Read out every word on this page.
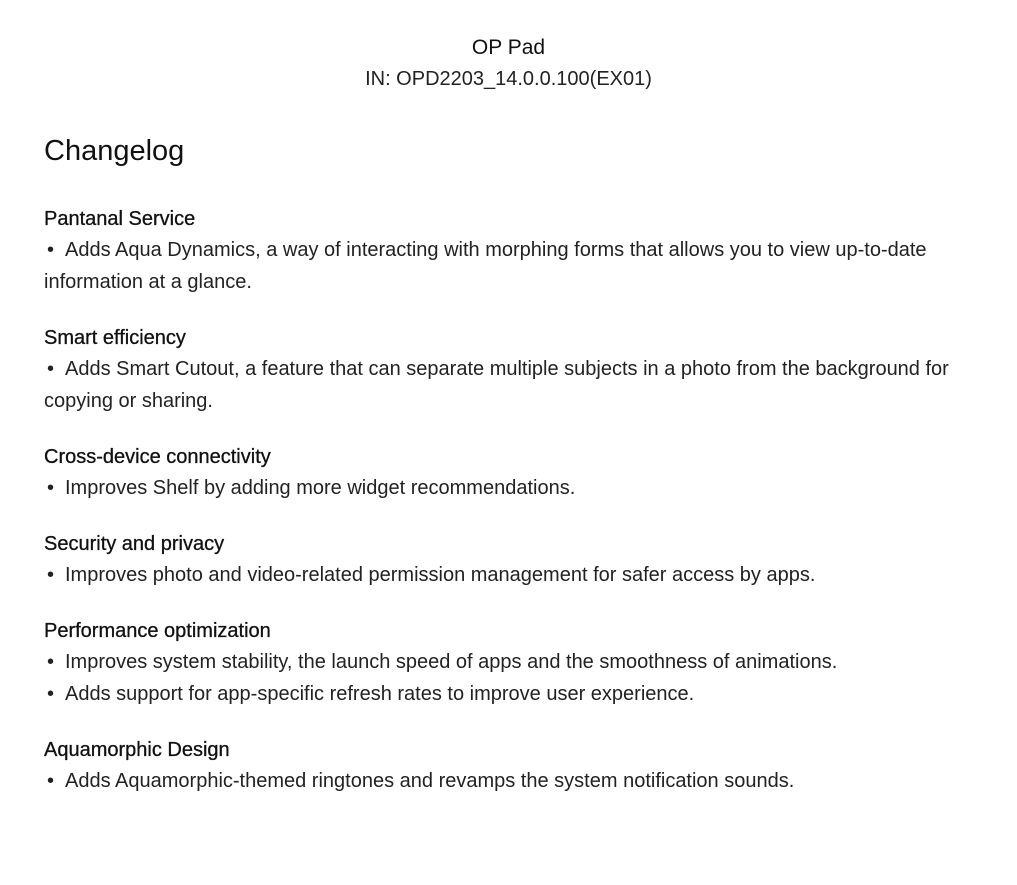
OP Pad
IN: OPD2203_14.0.0.100(EX01)
Changelog
Pantanal Service

• Adds Aqua Dynamics, a way of interacting with morphing forms that allows you to view up-to-date information at a glance.

Smart efficiency

• Adds Smart Cutout, a feature that can separate multiple subjects in a photo from the background for copying or sharing.

Cross-device connectivity

• Improves Shelf by adding more widget recommendations.

Security and privacy

• Improves photo and video-related permission management for safer access by apps.

Performance optimization

• Improves system stability, the launch speed of apps and the smoothness of animations.

• Adds support for app-specific refresh rates to improve user experience.

Aquamorphic Design

• Adds Aquamorphic-themed ringtones and revamps the system notification sounds.
